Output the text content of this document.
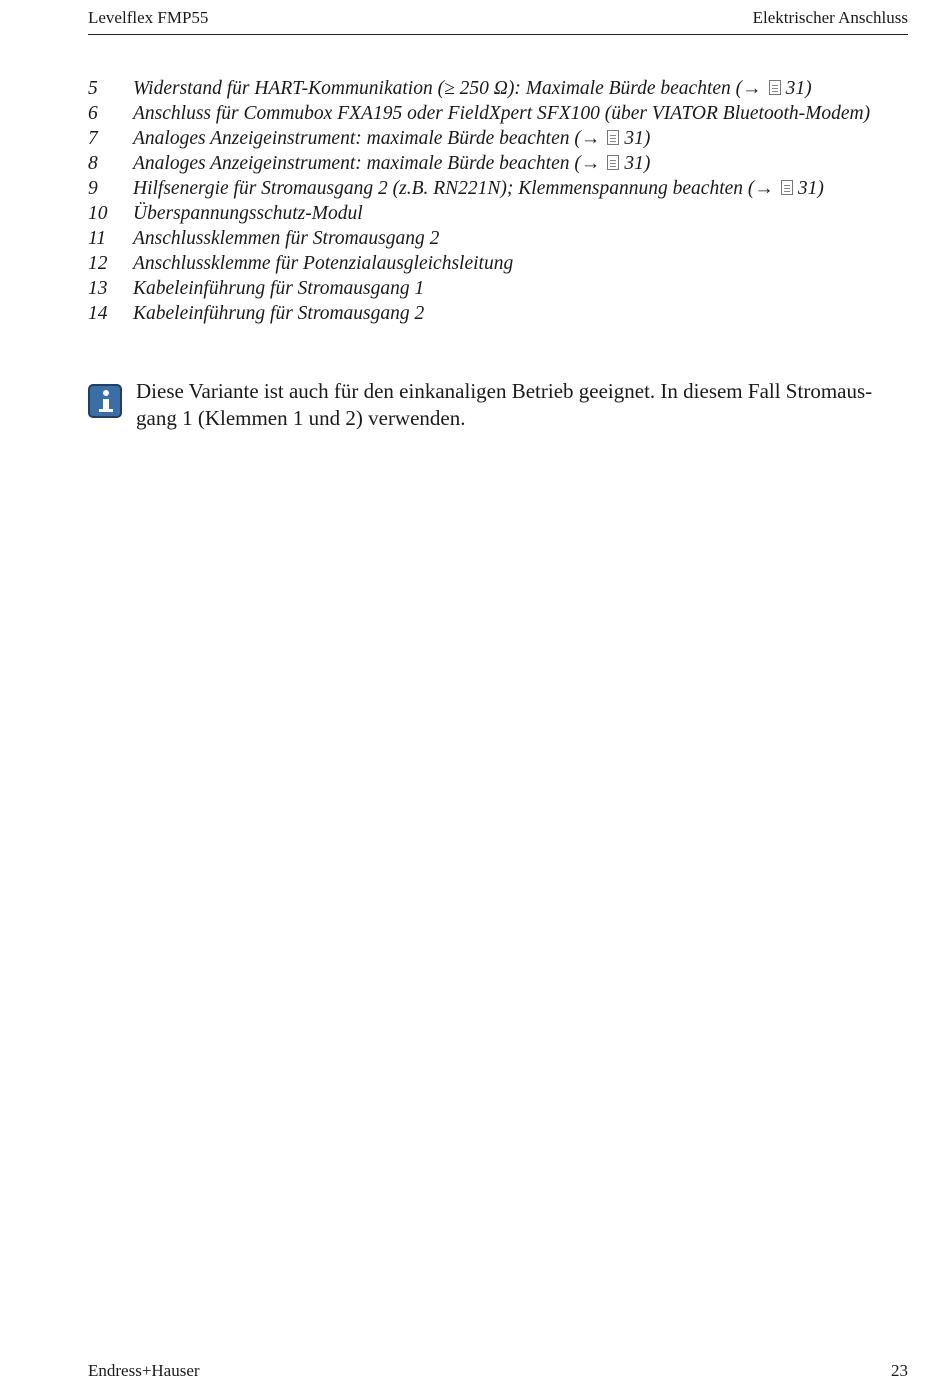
Levelflex FMP55	Elektrischer Anschluss
5	Widerstand für HART-Kommunikation (≥ 250 Ω): Maximale Bürde beachten (→ 31)
6	Anschluss für Commubox FXA195 oder FieldXpert SFX100 (über VIATOR Bluetooth-Modem)
7	Analoges Anzeigeinstrument: maximale Bürde beachten (→ 31)
8	Analoges Anzeigeinstrument: maximale Bürde beachten (→ 31)
9	Hilfsenergie für Stromausgang 2 (z.B. RN221N); Klemmenspannung beachten (→ 31)
10	Überspannungsschutz-Modul
11	Anschlussklemmen für Stromausgang 2
12	Anschlussklemme für Potenzialausgleichsleitung
13	Kabeleinführung für Stromausgang 1
14	Kabeleinführung für Stromausgang 2
Diese Variante ist auch für den einkanaligen Betrieb geeignet. In diesem Fall Stromaus-
gang 1 (Klemmen 1 und 2) verwenden.
Endress+Hauser	23
